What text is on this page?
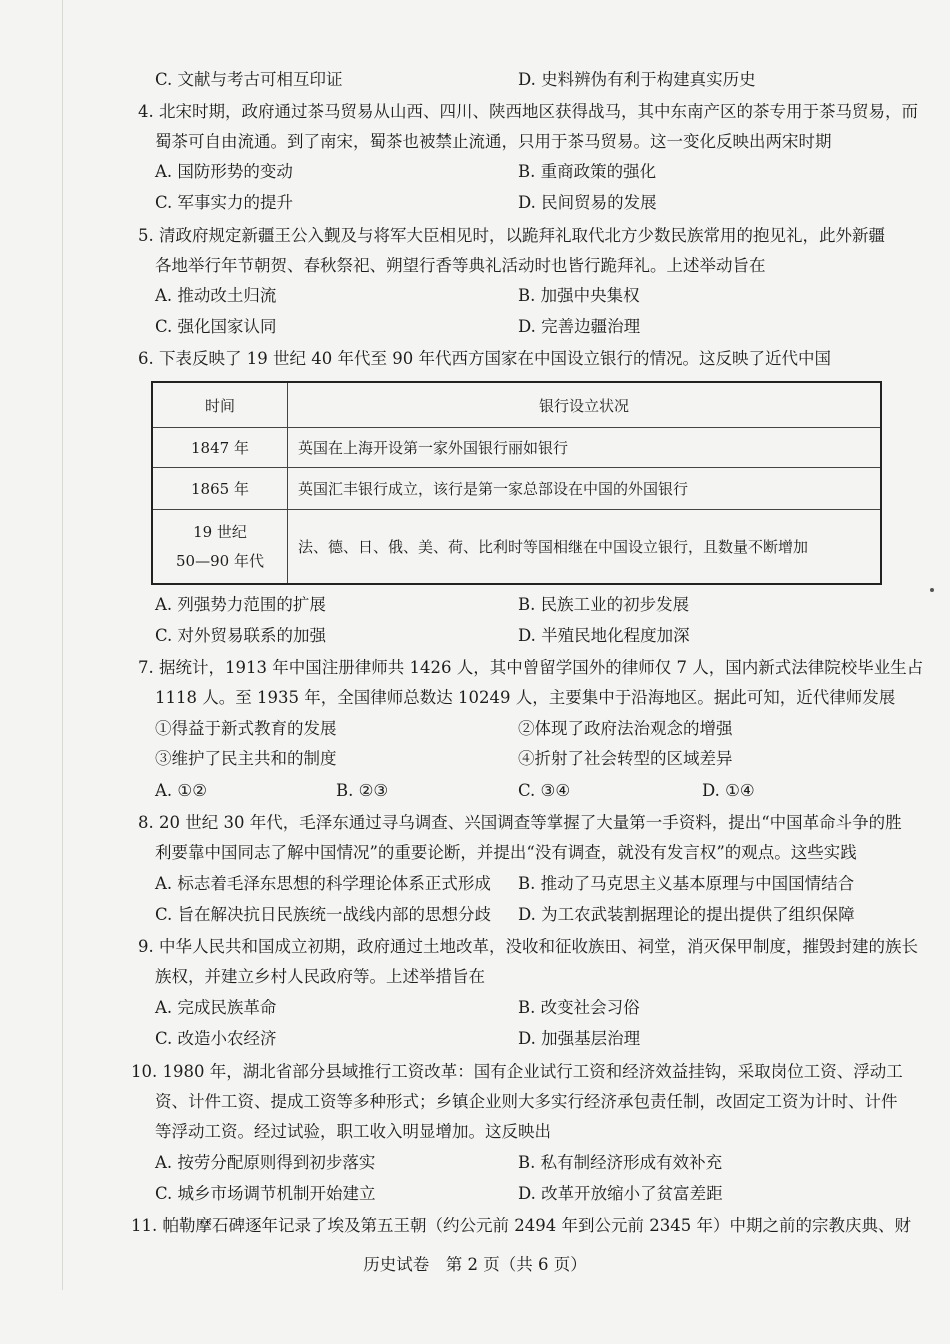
C. 文献与考古可相互印证	D. 史料辨伪有利于构建真实历史
4. 北宋时期，政府通过茶马贸易从山西、四川、陕西地区获得战马，其中东南产区的茶专用于茶马贸易，而
蜀茶可自由流通。到了南宋，蜀茶也被禁止流通，只用于茶马贸易。这一变化反映出两宋时期
A. 国防形势的变动	B. 重商政策的强化
C. 军事实力的提升	D. 民间贸易的发展
5. 清政府规定新疆王公入觐及与将军大臣相见时，以跪拜礼取代北方少数民族常用的抱见礼，此外新疆
各地举行年节朝贺、春秋祭祀、朔望行香等典礼活动时也皆行跪拜礼。上述举动旨在
A. 推动改土归流	B. 加强中央集权
C. 强化国家认同	D. 完善边疆治理
6. 下表反映了 19 世纪 40 年代至 90 年代西方国家在中国设立银行的情况。这反映了近代中国
时间	银行设立状况
1847 年	英国在上海开设第一家外国银行丽如银行
1865 年	英国汇丰银行成立，该行是第一家总部设在中国的外国银行

19 世纪
50—90 年代	法、德、日、俄、美、荷、比利时等国相继在中国设立银行，且数量不断增加
A. 列强势力范围的扩展	B. 民族工业的初步发展
C. 对外贸易联系的加强	D. 半殖民地化程度加深
7. 据统计，1913 年中国注册律师共 1426 人，其中曾留学国外的律师仅 7 人，国内新式法律院校毕业生占
1118 人。至 1935 年，全国律师总数达 10249 人，主要集中于沿海地区。据此可知，近代律师发展
①得益于新式教育的发展	②体现了政府法治观念的增强
③维护了民主共和的制度	④折射了社会转型的区域差异
A. ①②	B. ②③	C. ③④	D. ①④
8. 20 世纪 30 年代，毛泽东通过寻乌调查、兴国调查等掌握了大量第一手资料，提出“中国革命斗争的胜
利要靠中国同志了解中国情况”的重要论断，并提出“没有调查，就没有发言权”的观点。这些实践
A. 标志着毛泽东思想的科学理论体系正式形成 B. 推动了马克思主义基本原理与中国国情结合
C. 旨在解决抗日民族统一战线内部的思想分歧 D. 为工农武装割据理论的提出提供了组织保障
9. 中华人民共和国成立初期，政府通过土地改革，没收和征收族田、祠堂，消灭保甲制度，摧毁封建的族长
族权，并建立乡村人民政府等。上述举措旨在
A. 完成民族革命	B. 改变社会习俗
C. 改造小农经济	D. 加强基层治理
10. 1980 年，湖北省部分县域推行工资改革：国有企业试行工资和经济效益挂钩，采取岗位工资、浮动工
资、计件工资、提成工资等多种形式；乡镇企业则大多实行经济承包责任制，改固定工资为计时、计件
等浮动工资。经过试验，职工收入明显增加。这反映出
A. 按劳分配原则得到初步落实	B. 私有制经济形成有效补充
C. 城乡市场调节机制开始建立	D. 改革开放缩小了贫富差距
11. 帕勒摩石碑逐年记录了埃及第五王朝（约公元前 2494 年到公元前 2345 年）中期之前的宗教庆典、财
历史试卷　第 2 页（共 6 页）
